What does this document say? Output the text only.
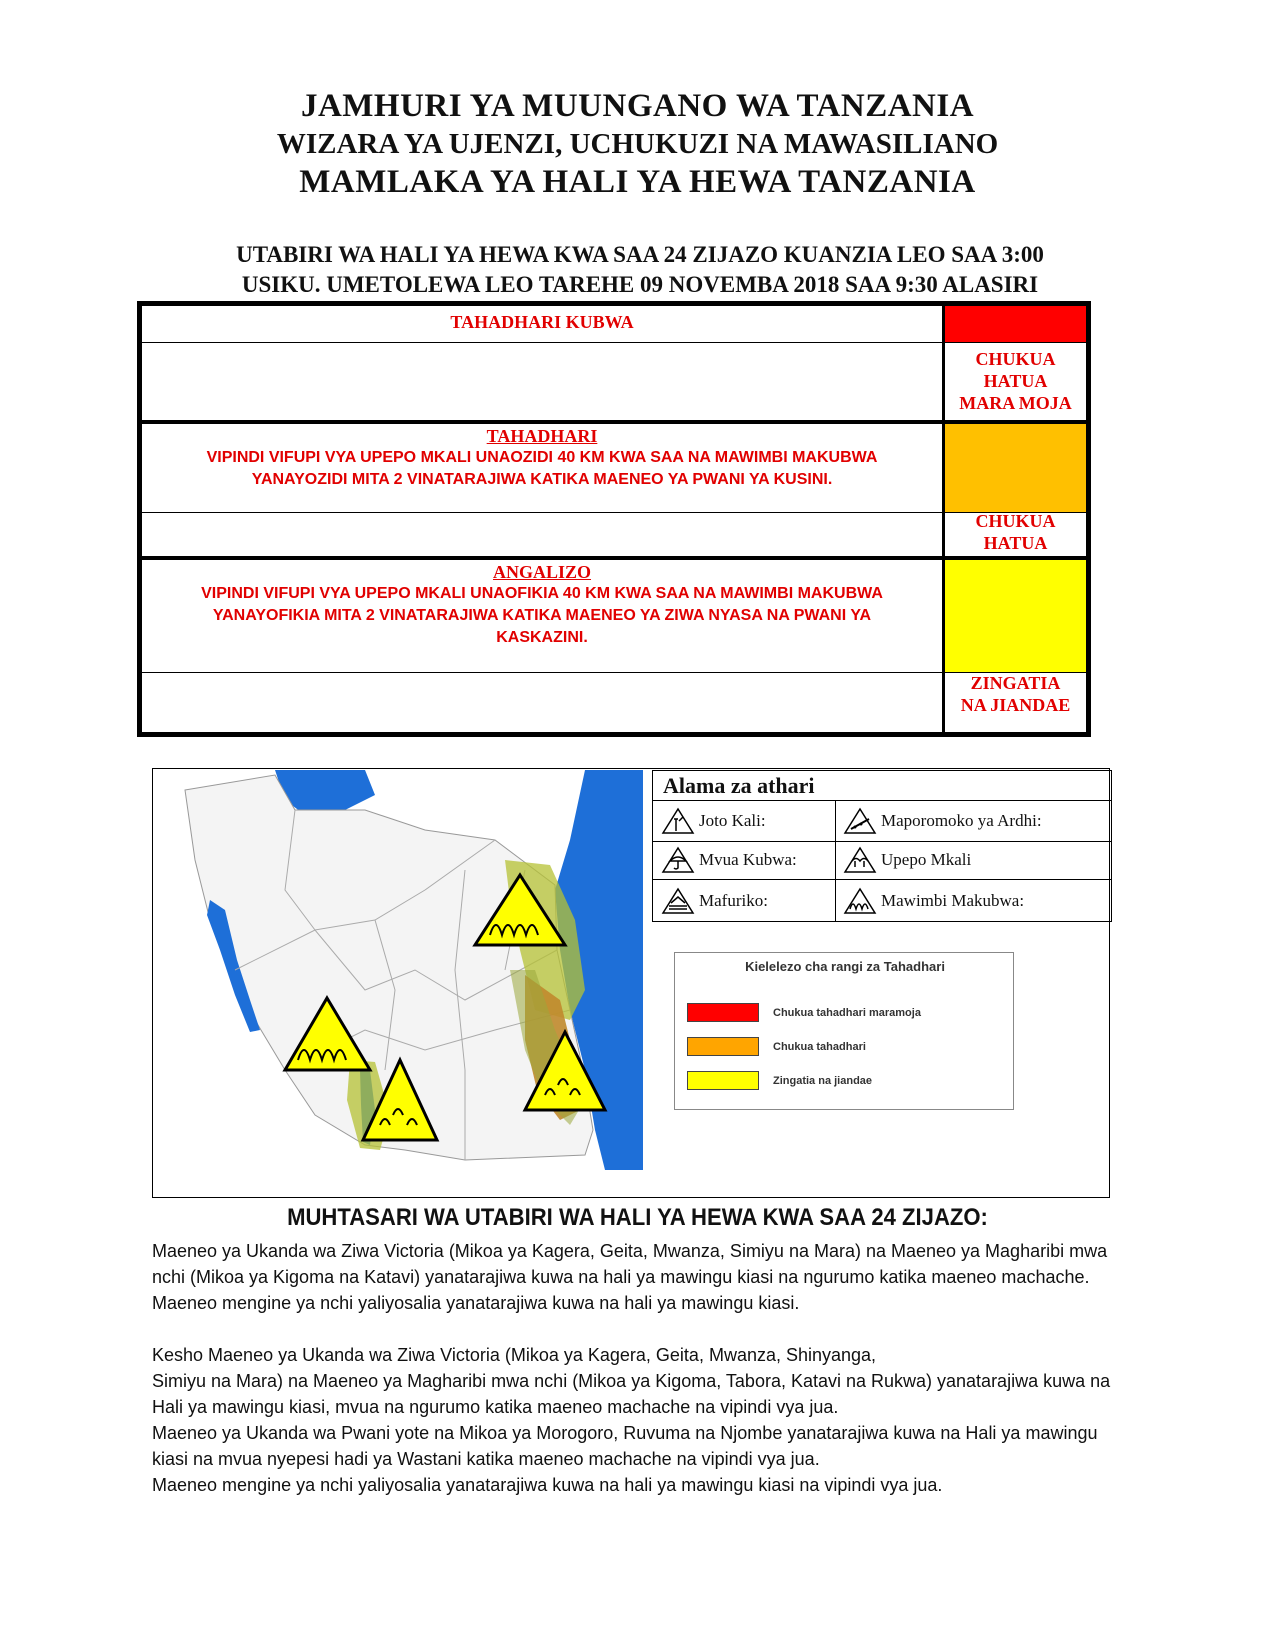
JAMHURI YA MUUNGANO WA TANZANIA
WIZARA YA UJENZI, UCHUKUZI NA MAWASILIANO
MAMLAKA YA HALI YA HEWA TANZANIA
UTABIRI WA HALI YA HEWA KWA SAA 24 ZIJAZO KUANZIA LEO SAA 3:00
USIKU. UMETOLEWA LEO TAREHE 09 NOVEMBA 2018 SAA 9:30 ALASIRI
TAHADHARI KUBWA
CHUKUA
HATUA
MARA MOJA
TAHADHARI
VIPINDI VIFUPI VYA UPEPO MKALI UNAOZIDI 40 KM KWA SAA NA MAWIMBI MAKUBWA
YANAYOZIDI MITA 2 VINATARAJIWA KATIKA MAENEO YA PWANI YA KUSINI.
CHUKUA
HATUA
ANGALIZO
VIPINDI VIFUPI VYA UPEPO MKALI UNAOFIKIA 40 KM KWA SAA NA MAWIMBI MAKUBWA
YANAYOFIKIA MITA 2 VINATARAJIWA KATIKA MAENEO YA ZIWA NYASA NA PWANI YA
KASKAZINI.
ZINGATIA
NA JIANDAE
Alama za athari
Joto Kali:	Maporomoko ya Ardhi:
Mvua Kubwa:	Upepo Mkali
Mafuriko:	Mawimbi Makubwa:
Kielelezo cha rangi za Tahadhari
Chukua tahadhari maramoja
Chukua tahadhari
Zingatia na jiandae
MUHTASARI WA UTABIRI WA HALI YA HEWA KWA SAA 24 ZIJAZO:

Maeneo ya Ukanda wa Ziwa Victoria (Mikoa ya Kagera, Geita, Mwanza, Simiyu na Mara) na Maeneo ya Magharibi mwa nchi (Mikoa ya Kigoma na Katavi) yanatarajiwa kuwa na hali ya mawingu kiasi na ngurumo katika maeneo machache.

Maeneo mengine ya nchi yaliyosalia yanatarajiwa kuwa na hali ya mawingu kiasi.

Kesho Maeneo ya Ukanda wa Ziwa Victoria (Mikoa ya Kagera, Geita, Mwanza, Shinyanga,

Simiyu na Mara) na Maeneo ya Magharibi mwa nchi (Mikoa ya Kigoma, Tabora, Katavi na Rukwa) yanatarajiwa kuwa na Hali ya mawingu kiasi, mvua na ngurumo katika maeneo machache na vipindi vya jua.

Maeneo ya Ukanda wa Pwani yote na Mikoa ya Morogoro, Ruvuma na Njombe yanatarajiwa kuwa na Hali ya mawingu kiasi na mvua nyepesi hadi ya Wastani katika maeneo machache na vipindi vya jua.

Maeneo mengine ya nchi yaliyosalia yanatarajiwa kuwa na hali ya mawingu kiasi na vipindi vya jua.
